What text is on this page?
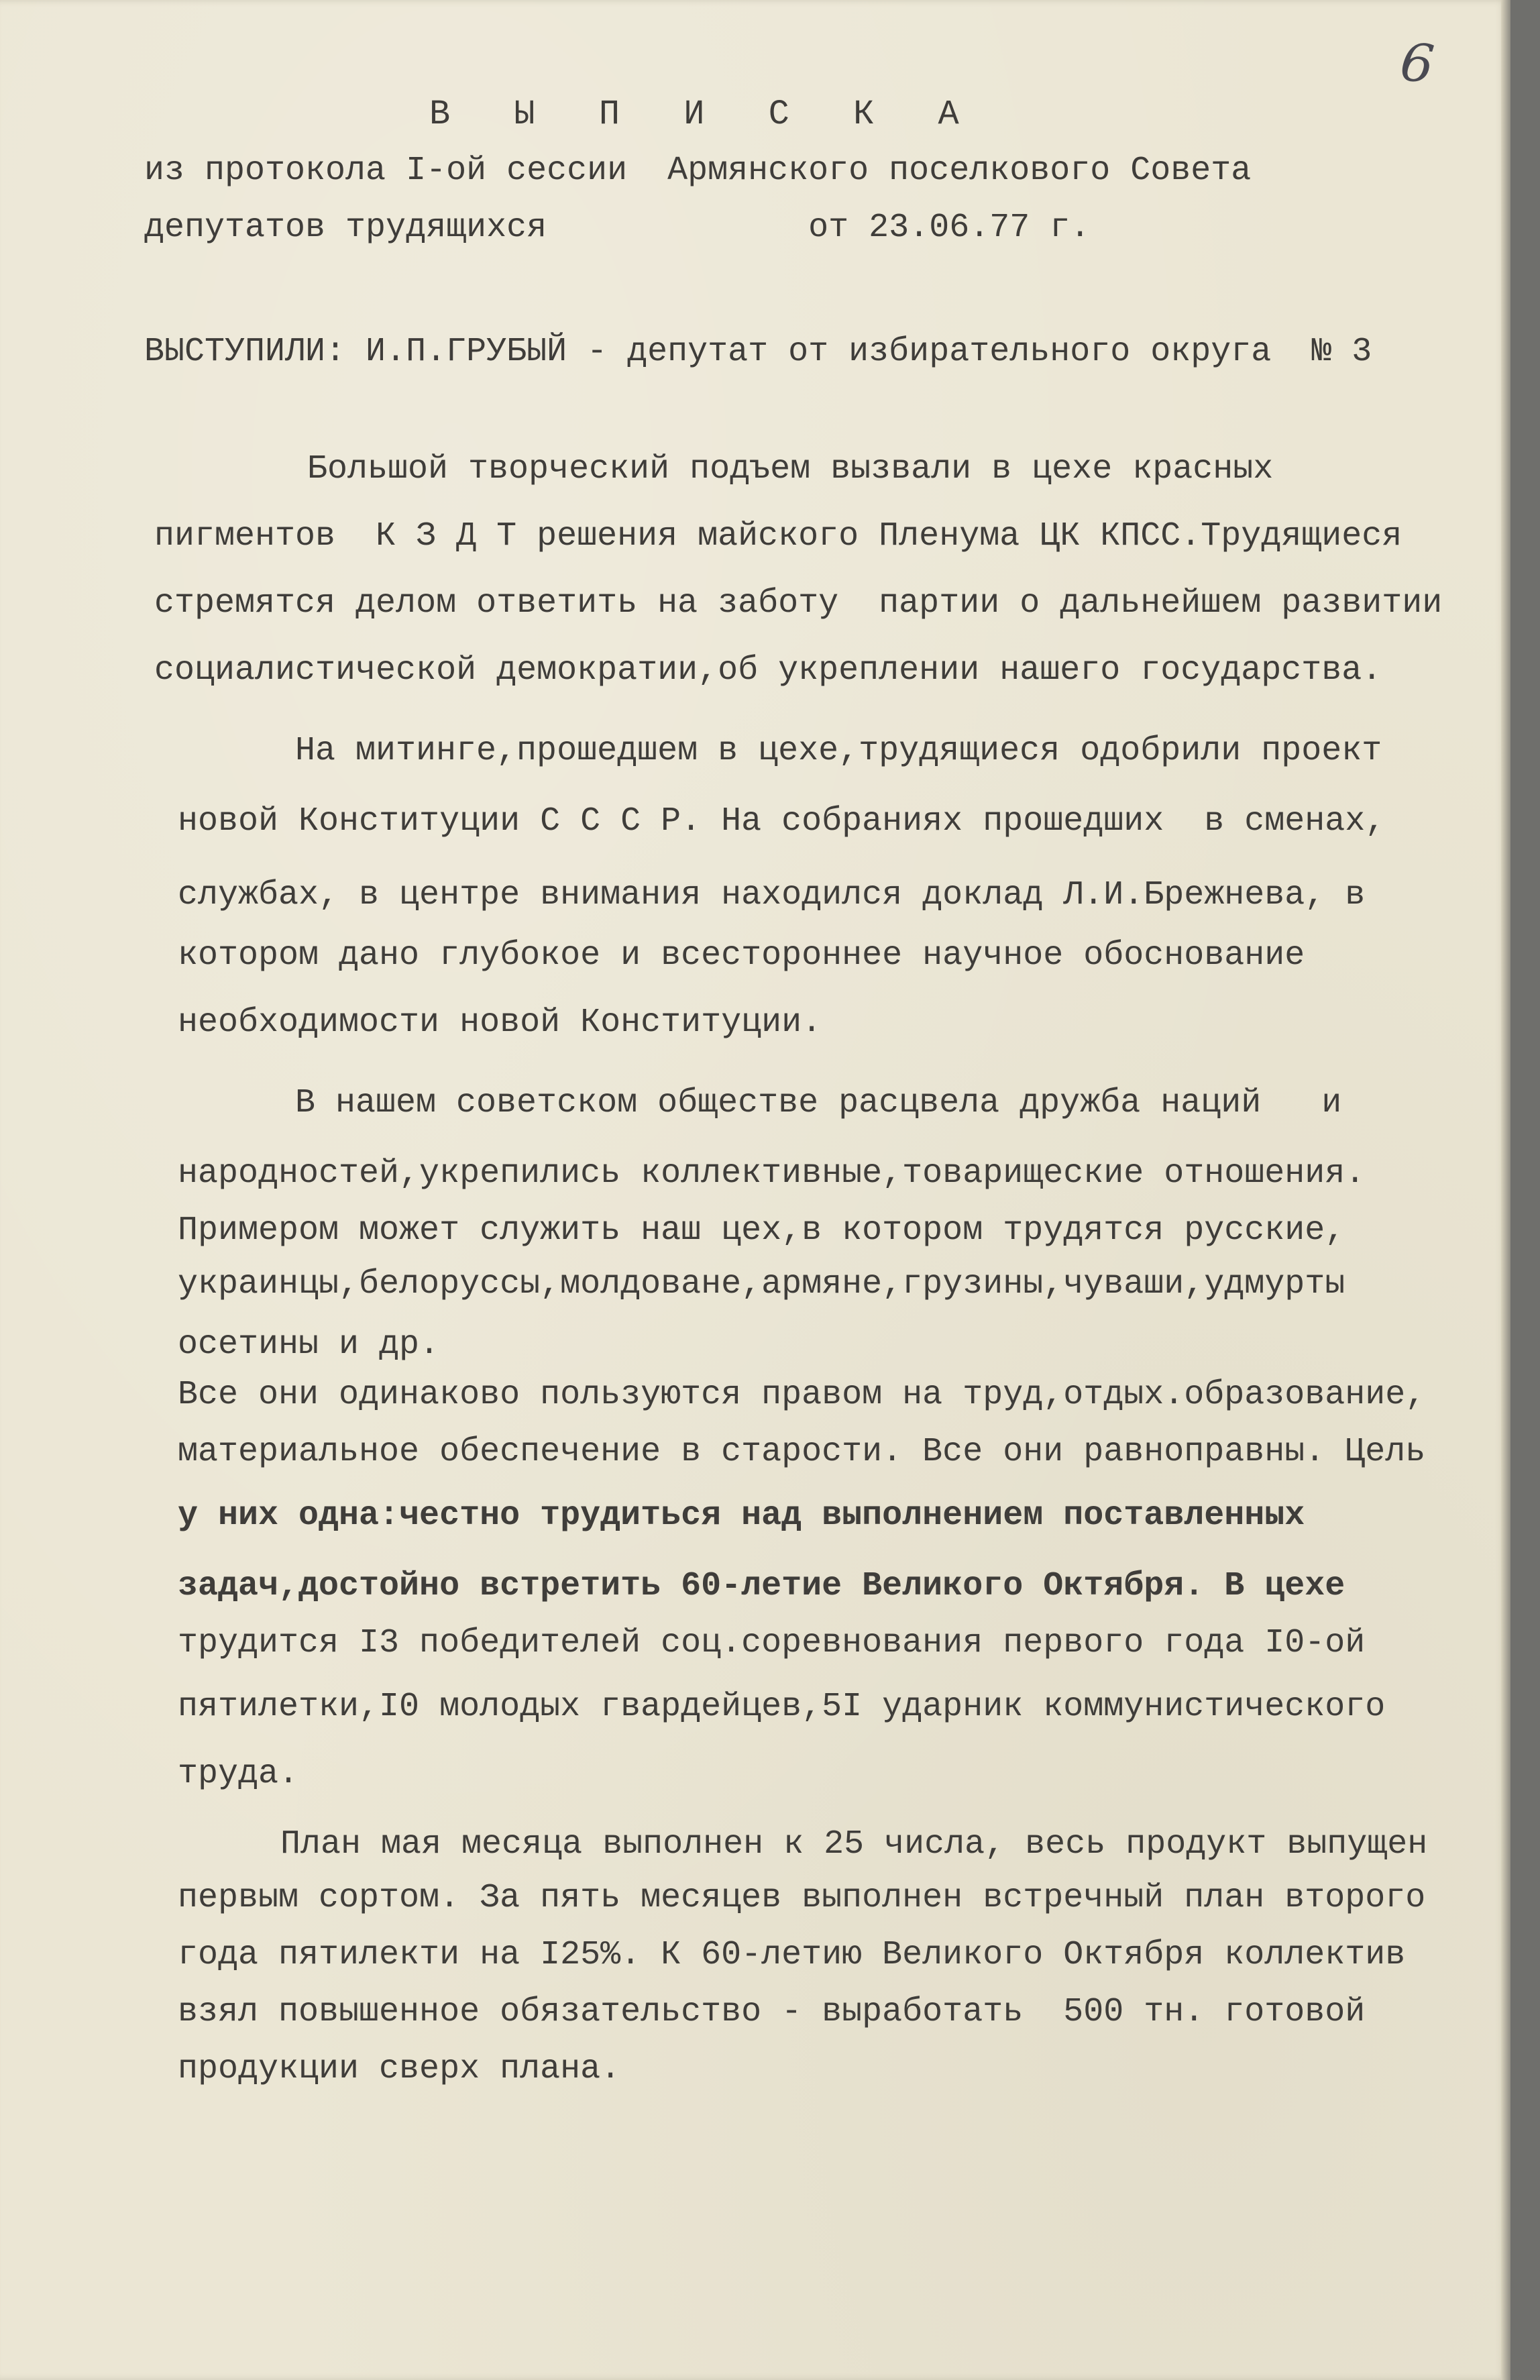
6
В Ы П И С К А
из протокола I-ой сессии  Армянского поселкового Совета
депутатов трудящихся             от 23.06.77 г.
ВЫСТУПИЛИ: И.П.ГРУБЫЙ - депутат от избирательного округа  № 3
Большой творческий подъем вызвали в цехе красных
пигментов  К З Д Т решения майского Пленума ЦК КПСС.Трудящиеся
стремятся делом ответить на заботу  партии о дальнейшем развитии
социалистической демократии,об укреплении нашего государства.
На митинге,прошедшем в цехе,трудящиеся одобрили проект
новой Конституции С С С Р. На собраниях прошедших  в сменах,
службах, в центре внимания находился доклад Л.И.Брежнева, в
котором дано глубокое и всестороннее научное обоснование
необходимости новой Конституции.
В нашем советском обществе расцвела дружба наций   и
народностей,укрепились коллективные,товарищеские отношения.
Примером может служить наш цех,в котором трудятся русские,
украинцы,белоруссы,молдоване,армяне,грузины,чуваши,удмурты
осетины и др.
Все они одинаково пользуются правом на труд,отдых.образование,
материальное обеспечение в старости. Все они равноправны. Цель
у них одна:честно трудиться над выполнением поставленных
задач,достойно встретить 60-летие Великого Октября. В цехе
трудится I3 победителей соц.соревнования первого года I0-ой
пятилетки,I0 молодых гвардейцев,5I ударник коммунистического
труда.
План мая месяца выполнен к 25 числа, весь продукт выпущен
первым сортом. За пять месяцев выполнен встречный план второго
года пятилекти на I25%. К 60-летию Великого Октября коллектив
взял повышенное обязательство - выработать  500 тн. готовой
продукции сверх плана.
